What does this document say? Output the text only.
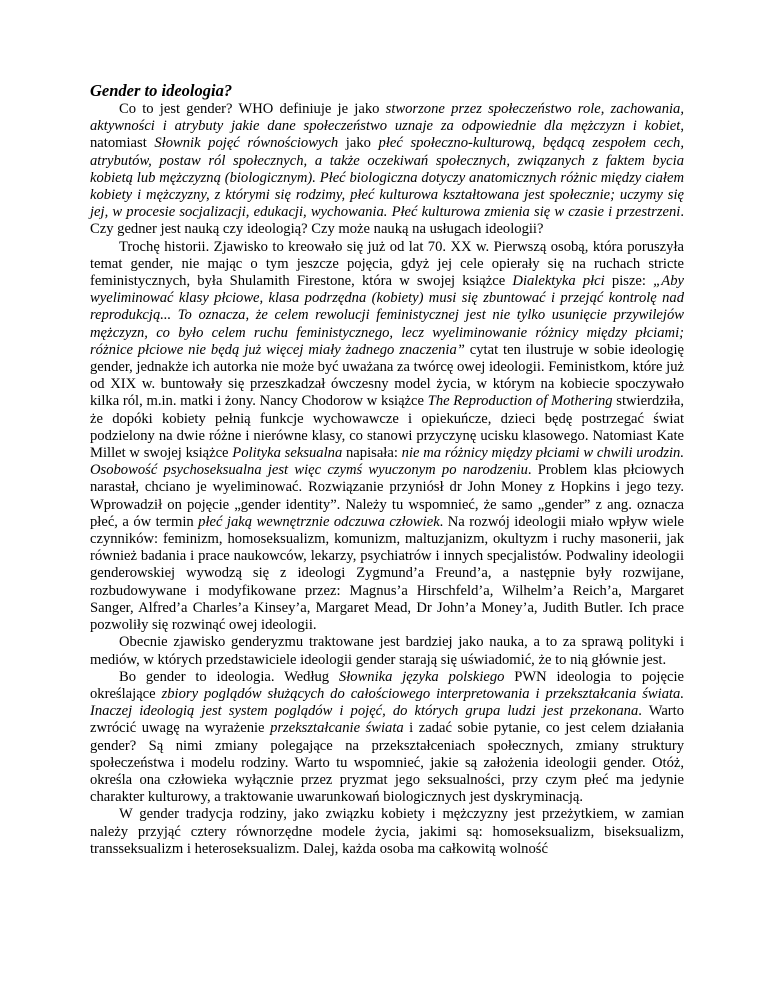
Gender to ideologia?

Co to jest gender? WHO definiuje je jako stworzone przez społeczeństwo role, zachowania, aktywności i atrybuty jakie dane społeczeństwo uznaje za odpowiednie dla mężczyzn i kobiet, natomiast Słownik pojęć równościowych jako płeć społeczno-kulturową, będącą zespołem cech, atrybutów, postaw ról społecznych, a także oczekiwań społecznych, związanych z faktem bycia kobietą lub mężczyzną (biologicznym). Płeć biologiczna dotyczy anatomicznych różnic między ciałem kobiety i mężczyzny, z którymi się rodzimy, płeć kulturowa kształtowana jest społecznie; uczymy się jej, w procesie socjalizacji, edukacji, wychowania. Płeć kulturowa zmienia się w czasie i przestrzeni. Czy gedner jest nauką czy ideologią? Czy może nauką na usługach ideologii?

Trochę historii. Zjawisko to kreowało się już od lat 70. XX w. Pierwszą osobą, która poruszyła temat gender, nie mając o tym jeszcze pojęcia, gdyż jej cele opierały się na ruchach stricte feministycznych, była Shulamith Firestone, która w swojej książce Dialektyka płci pisze: „Aby wyeliminować klasy płciowe, klasa podrzędna (kobiety) musi się zbuntować i przejąć kontrolę nad reprodukcją... To oznacza, że celem rewolucji feministycznej jest nie tylko usunięcie przywilejów mężczyzn, co było celem ruchu feministycznego, lecz wyeliminowanie różnicy między płciami; różnice płciowe nie będą już więcej miały żadnego znaczenia” cytat ten ilustruje w sobie ideologię gender, jednakże ich autorka nie może być uważana za twórcę owej ideologii. Feministkom, które już od XIX w. buntowały się przeszkadzał ówczesny model życia, w którym na kobiecie spoczywało kilka ról, m.in. matki i żony. Nancy Chodorow w książce The Reproduction of Mothering stwierdziła, że dopóki kobiety pełnią funkcje wychowawcze i opiekuńcze, dzieci będę postrzegać świat podzielony na dwie różne i nierówne klasy, co stanowi przyczynę ucisku klasowego. Natomiast Kate Millet w swojej książce Polityka seksualna napisała: nie ma różnicy między płciami w chwili urodzin. Osobowość psychoseksualna jest więc czymś wyuczonym po narodzeniu. Problem klas płciowych narastał, chciano je wyeliminować. Rozwiązanie przyniósł dr John Money z Hopkins i jego tezy. Wprowadził on pojęcie „gender identity”. Należy tu wspomnieć, że samo „gender” z ang. oznacza płeć, a ów termin płeć jaką wewnętrznie odczuwa człowiek. Na rozwój ideologii miało wpływ wiele czynników: feminizm, homoseksualizm, komunizm, maltuzjanizm, okultyzm i ruchy masonerii, jak również badania i prace naukowców, lekarzy, psychiatrów i innych specjalistów. Podwaliny ideologii genderowskiej wywodzą się z ideologi Zygmund’a Freund’a, a następnie były rozwijane, rozbudowywane i modyfikowane przez: Magnus’a Hirschfeld’a, Wilhelm’a Reich’a, Margaret Sanger, Alfred’a Charles’a Kinsey’a, Margaret Mead, Dr John’a Money’a, Judith Butler. Ich prace pozwoliły się rozwinąć owej ideologii.

Obecnie zjawisko genderyzmu traktowane jest bardziej jako nauka, a to za sprawą polityki i mediów, w których przedstawiciele ideologii gender starają się uświadomić, że to nią głównie jest.

Bo gender to ideologia. Według Słownika języka polskiego PWN ideologia to pojęcie określające zbiory poglądów służących do całościowego interpretowania i przekształcania świata. Inaczej ideologią jest system poglądów i pojęć, do których grupa ludzi jest przekonana. Warto zwrócić uwagę na wyrażenie przekształcanie świata i zadać sobie pytanie, co jest celem działania gender? Są nimi zmiany polegające na przekształceniach społecznych, zmiany struktury społeczeństwa i modelu rodziny. Warto tu wspomnieć, jakie są założenia ideologii gender. Otóż, określa ona człowieka wyłącznie przez pryzmat jego seksualności, przy czym płeć ma jedynie charakter kulturowy, a traktowanie uwarunkowań biologicznych jest dyskryminacją.

W gender tradycja rodziny, jako związku kobiety i mężczyzny jest przeżytkiem, w zamian należy przyjąć cztery równorzędne modele życia, jakimi są: homoseksualizm, biseksualizm, transseksualizm i heteroseksualizm. Dalej, każda osoba ma całkowitą wolność
